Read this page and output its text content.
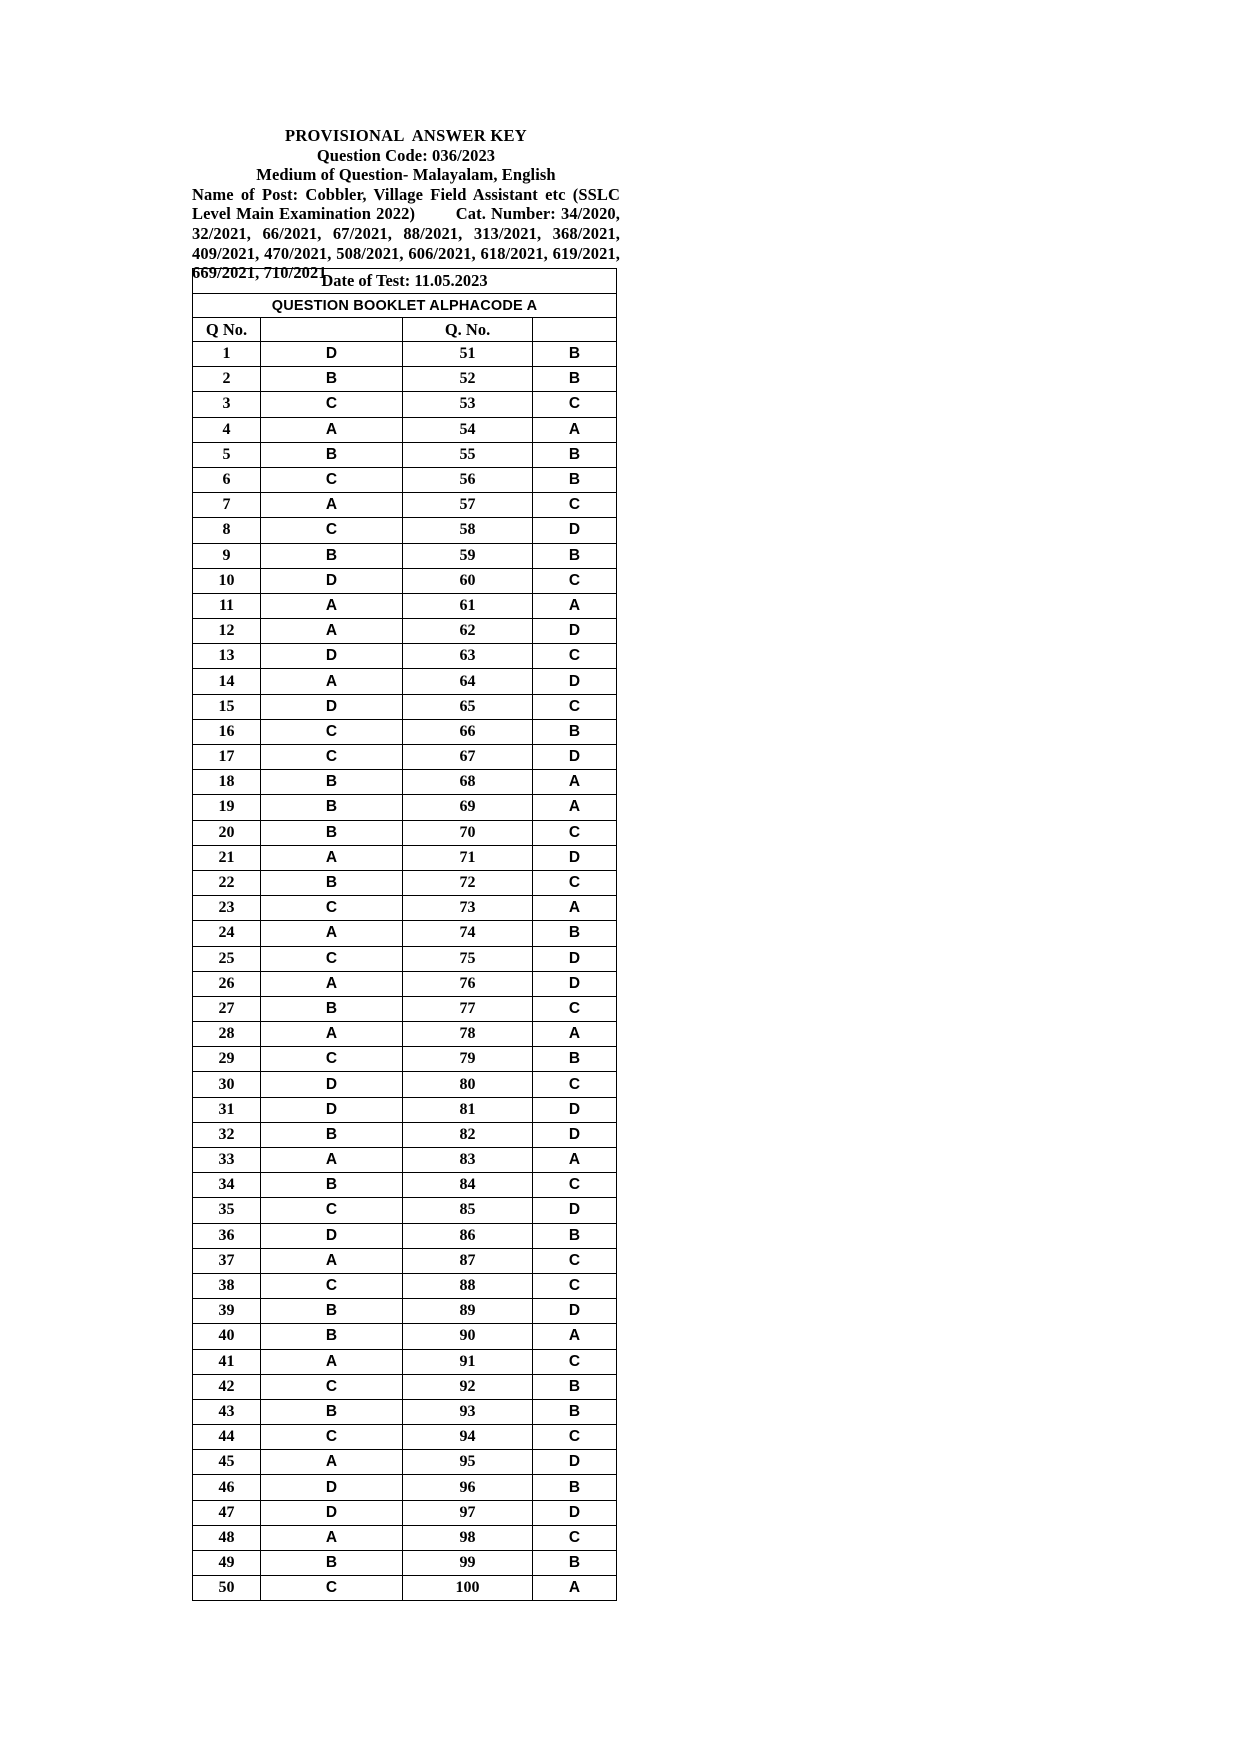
PROVISIONAL  ANSWER KEY
Question Code: 036/2023
Medium of Question- Malayalam, English
Name of Post: Cobbler, Village Field Assistant etc (SSLC
Level Main Examination 2022)        Cat. Number: 34/2020,
32/2021,  66/2021,  67/2021,  88/2021,  313/2021,  368/2021,
409/2021, 470/2021, 508/2021, 606/2021, 618/2021, 619/2021,
669/2021, 710/2021
Date of Test: 11.05.2023			
QUESTION BOOKLET ALPHACODE A			
Q No.		Q. No.	
1	D	51	B
2	B	52	B
3	C	53	C
4	A	54	A
5	B	55	B
6	C	56	B
7	A	57	C
8	C	58	D
9	B	59	B
10	D	60	C
11	A	61	A
12	A	62	D
13	D	63	C
14	A	64	D
15	D	65	C
16	C	66	B
17	C	67	D
18	B	68	A
19	B	69	A
20	B	70	C
21	A	71	D
22	B	72	C
23	C	73	A
24	A	74	B
25	C	75	D
26	A	76	D
27	B	77	C
28	A	78	A
29	C	79	B
30	D	80	C
31	D	81	D
32	B	82	D
33	A	83	A
34	B	84	C
35	C	85	D
36	D	86	B
37	A	87	C
38	C	88	C
39	B	89	D
40	B	90	A
41	A	91	C
42	C	92	B
43	B	93	B
44	C	94	C
45	A	95	D
46	D	96	B
47	D	97	D
48	A	98	C
49	B	99	B
50	C	100	A
